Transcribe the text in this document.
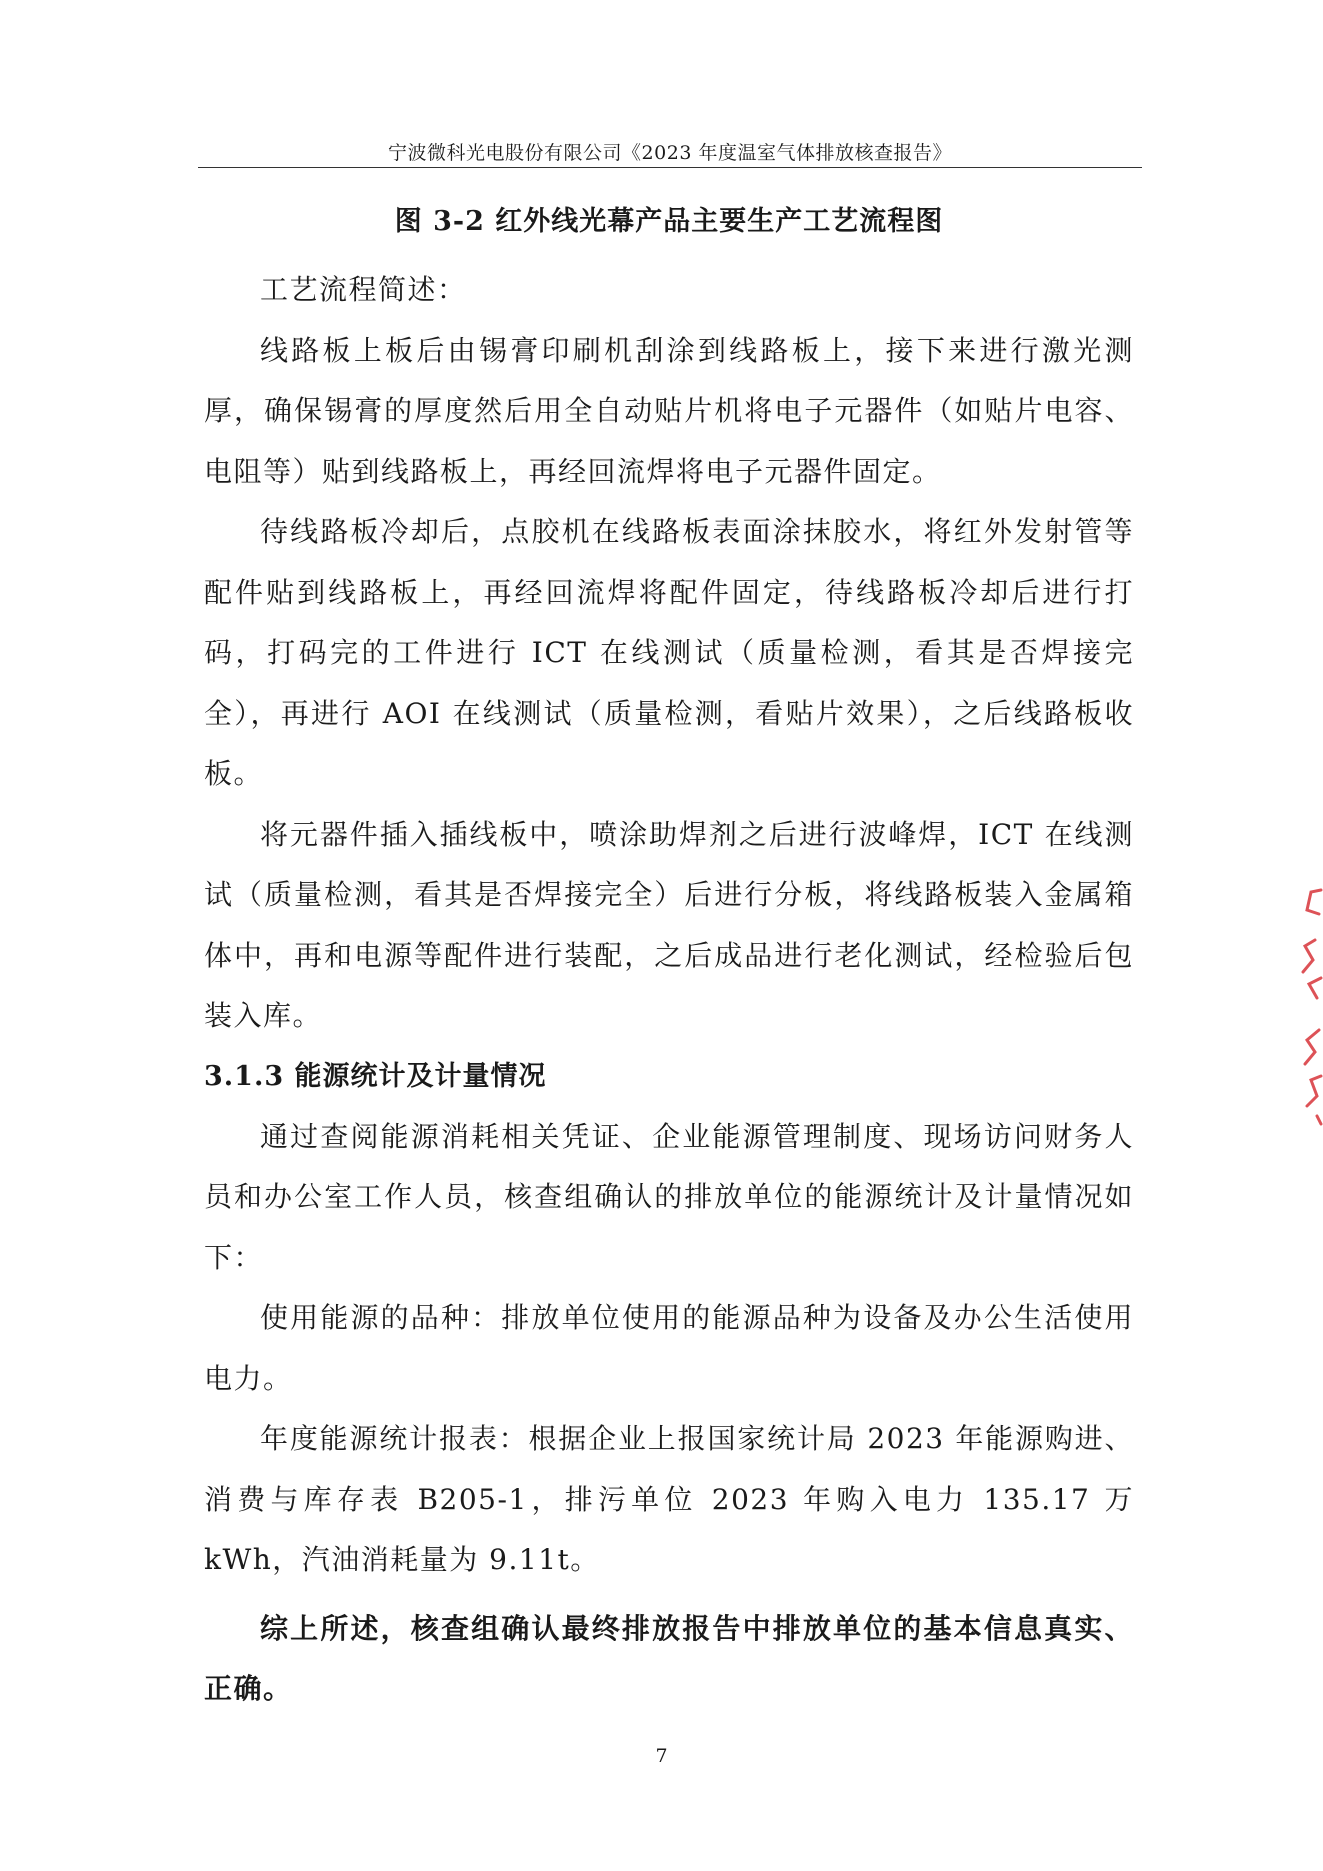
宁波微科光电股份有限公司《2023 年度温室气体排放核查报告》
图 3-2 红外线光幕产品主要生产工艺流程图

工艺流程简述：

线路板上板后由锡膏印刷机刮涂到线路板上，接下来进行激光测厚，确保锡膏的厚度然后用全自动贴片机将电子元器件（如贴片电容、电阻等）贴到线路板上，再经回流焊将电子元器件固定。

待线路板冷却后，点胶机在线路板表面涂抹胶水，将红外发射管等配件贴到线路板上，再经回流焊将配件固定，待线路板冷却后进行打码，打码完的工件进行 ICT 在线测试（质量检测，看其是否焊接完全），再进行 AOI 在线测试（质量检测，看贴片效果），之后线路板收板。

将元器件插入插线板中，喷涂助焊剂之后进行波峰焊，ICT 在线测试（质量检测，看其是否焊接完全）后进行分板，将线路板装入金属箱体中，再和电源等配件进行装配，之后成品进行老化测试，经检验后包装入库。

3.1.3 能源统计及计量情况

通过查阅能源消耗相关凭证、企业能源管理制度、现场访问财务人员和办公室工作人员，核查组确认的排放单位的能源统计及计量情况如下：

使用能源的品种：排放单位使用的能源品种为设备及办公生活使用电力。

年度能源统计报表：根据企业上报国家统计局 2023 年能源购进、消费与库存表 B205-1，排污单位 2023 年购入电力 135.17 万 kWh，汽油消耗量为 9.11t。

综上所述，核查组确认最终排放报告中排放单位的基本信息真实、正确。

7
